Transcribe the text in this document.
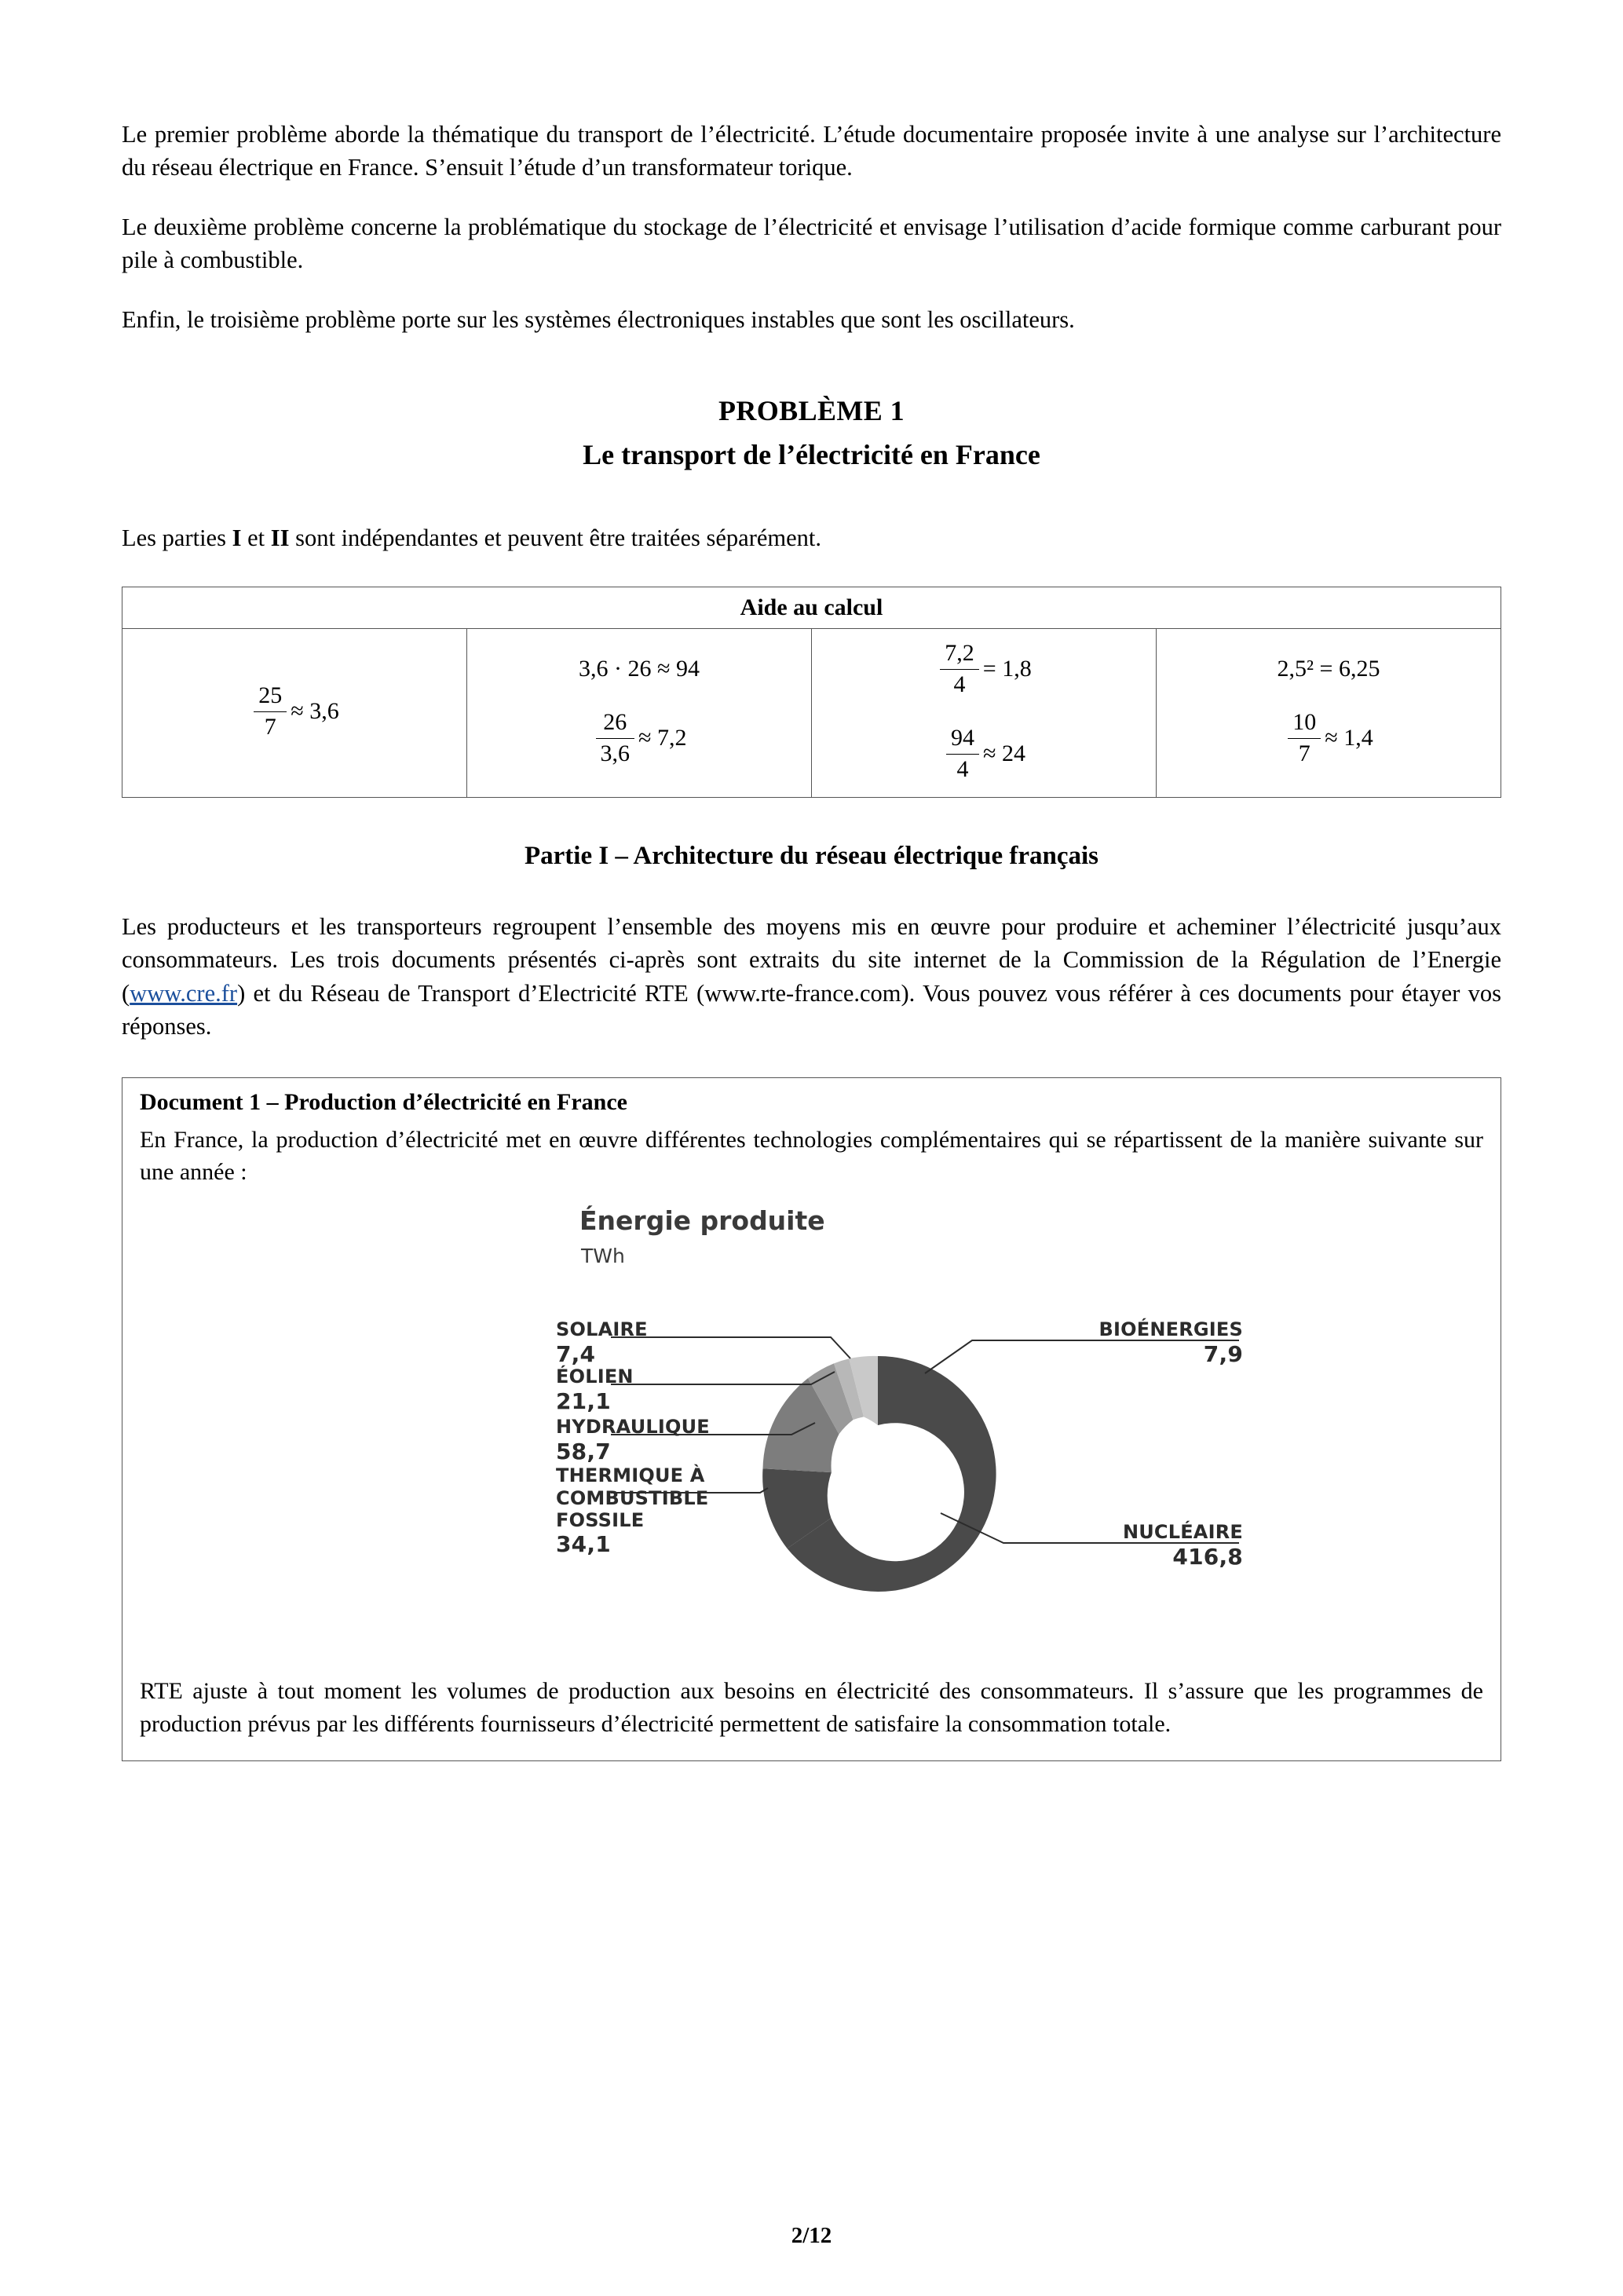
Le premier problème aborde la thématique du transport de l’électricité. L’étude documentaire proposée invite à une analyse sur l’architecture du réseau électrique en France. S’ensuit l’étude d’un transformateur torique.

Le deuxième problème concerne la problématique du stockage de l’électricité et envisage l’utilisation d’acide formique comme carburant pour pile à combustible.

Enfin, le troisième problème porte sur les systèmes électroniques instables que sont les oscillateurs.

PROBLÈME 1
Le transport de l’électricité en France
Les parties I et II sont indépendantes et peuvent être traitées séparément.
Aide au calcul

$\frac{25}{7} \approx 3,6$

3,6 · 26 ≈ 94
$\frac{26}{3,6} \approx 7,2$

$\frac{7,2}{4} = 1,8$
$\frac{94}{4} \approx 24$

2,5² = 6,25
$\frac{10}{7} \approx 1,4$
Partie I – Architecture du réseau électrique français

Les producteurs et les transporteurs regroupent l’ensemble des moyens mis en œuvre pour produire et acheminer l’électricité jusqu’aux consommateurs. Les trois documents présentés ci-après sont extraits du site internet de la Commission de la Régulation de l’Energie (www.cre.fr) et du Réseau de Transport d’Electricité RTE (www.rte-france.com). Vous pouvez vous référer à ces documents pour étayer vos réponses.

Document 1 – Production d’électricité en France

En France, la production d’électricité met en œuvre différentes technologies complémentaires qui se répartissent de la manière suivante sur une année :

Énergie produite
TWh
SOLAIRE
7,4
ÉOLIEN
21,1
HYDRAULIQUE
58,7
THERMIQUE À
COMBUSTIBLE
FOSSILE
34,1
BIOÉNERGIES
7,9
NUCLÉAIRE
416,8

RTE ajuste à tout moment les volumes de production aux besoins en électricité des consommateurs. Il s’assure que les programmes de production prévus par les différents fournisseurs d’électricité permettent de satisfaire la consommation totale.

2/12
